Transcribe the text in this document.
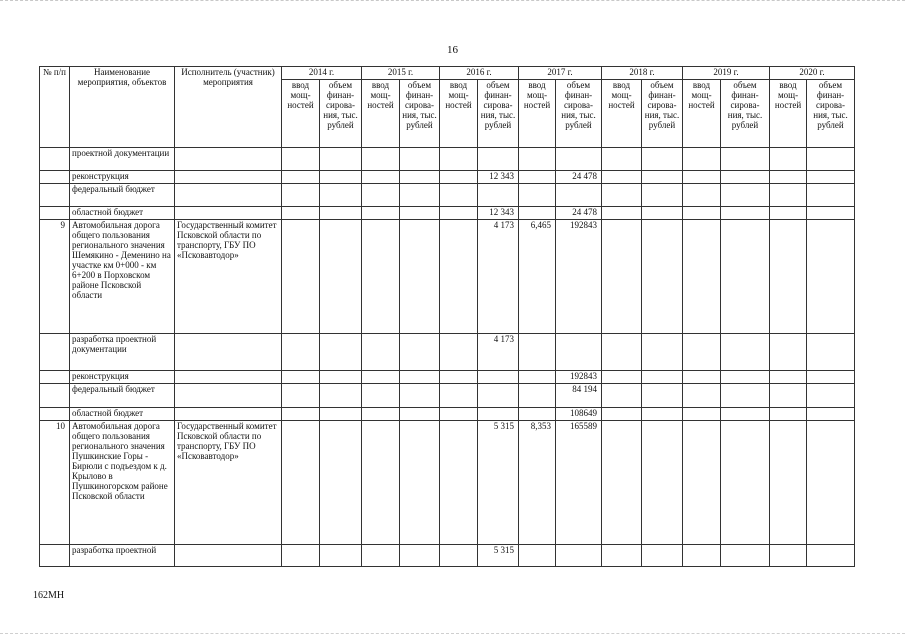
16
№ п/п	Наименование мероприятия, объектов	Исполнитель (участник) мероприятия	2014 г.		2015 г.		2016 г.		2017 г.		2018 г.		2019 г.		2020 г.	
			ввод мощ- ностей	объем финан- сирова- ния, тыс. рублей	ввод мощ- ностей	объем финан- сирова- ния, тыс. рублей	ввод мощ- ностей	объем финан- сирова- ния, тыс. рублей	ввод мощ- ностей	объем финан- сирова- ния, тыс. рублей	ввод мощ- ностей	объем финан- сирова- ния, тыс. рублей	ввод мощ- ностей	объем финан- сирова- ния, тыс. рублей	ввод мощ- ностей	объем финан- сирова- ния, тыс. рублей
	проектной документации															
	реконструкция							12 343		24 478						
	федеральный бюджет															
	областной бюджет							12 343		24 478						
9	Автомобильная дорога общего пользования регионального значения Шемякино - Деменино на участке км 0+000 - км 6+200 в Порховском районе Псковской области	Государственный комитет Псковской области по транспорту, ГБУ ПО «Псковавтодор»						4 173	6,465	192843						
	разработка проектной документации							4 173								
	реконструкция									192843						
	федеральный бюджет									84 194						
	областной бюджет									108649						
10	Автомобильная дорога общего пользования регионального значения Пушкинские Горы - Бирюли с подъездом к д. Крылово в Пушкиногорском районе Псковской области	Государственный комитет Псковской области по транспорту, ГБУ ПО «Псковавтодор»						5 315	8,353	165589						
	разработка проектной							5 315								
162МН
